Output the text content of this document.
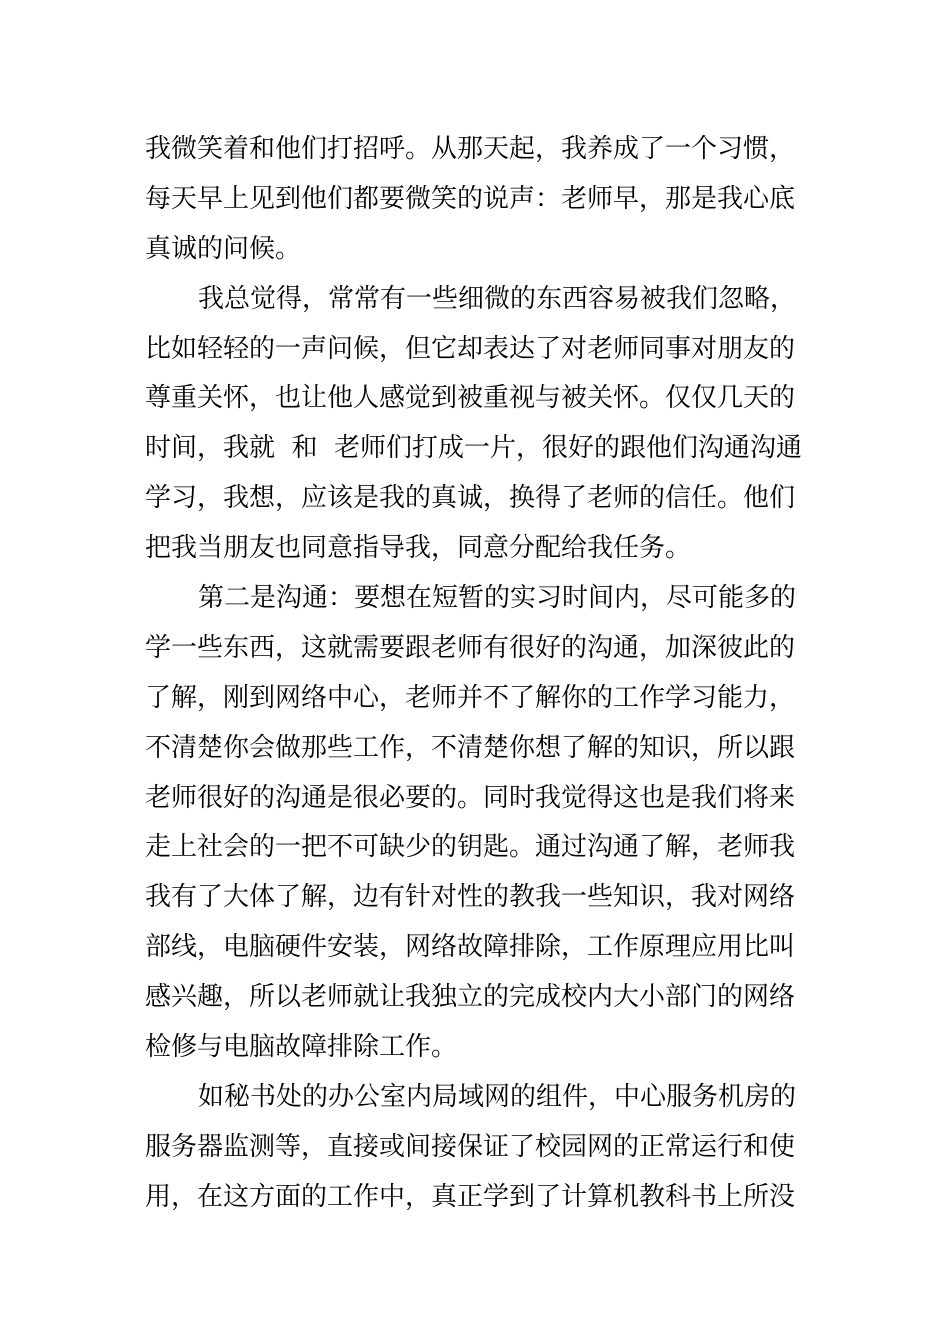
我微笑着和他们打招呼。从那天起，我养成了一个习惯，
每天早上见到他们都要微笑的说声：老师早，那是我心底
真诚的问候。
我总觉得，常常有一些细微的东西容易被我们忽略，
比如轻轻的一声问候，但它却表达了对老师同事对朋友的
尊重关怀，也让他人感觉到被重视与被关怀。仅仅几天的
时间，我就  和  老师们打成一片，很好的跟他们沟通沟通
学习，我想，应该是我的真诚，换得了老师的信任。他们
把我当朋友也同意指导我，同意分配给我任务。
第二是沟通：要想在短暂的实习时间内，尽可能多的
学一些东西，这就需要跟老师有很好的沟通，加深彼此的
了解，刚到网络中心，老师并不了解你的工作学习能力，
不清楚你会做那些工作，不清楚你想了解的知识，所以跟
老师很好的沟通是很必要的。同时我觉得这也是我们将来
走上社会的一把不可缺少的钥匙。通过沟通了解，老师我
我有了大体了解，边有针对性的教我一些知识，我对网络
部线，电脑硬件安装，网络故障排除，工作原理应用比叫
感兴趣，所以老师就让我独立的完成校内大小部门的网络
检修与电脑故障排除工作。
如秘书处的办公室内局域网的组件，中心服务机房的
服务器监测等，直接或间接保证了校园网的正常运行和使
用，在这方面的工作中，真正学到了计算机教科书上所没
